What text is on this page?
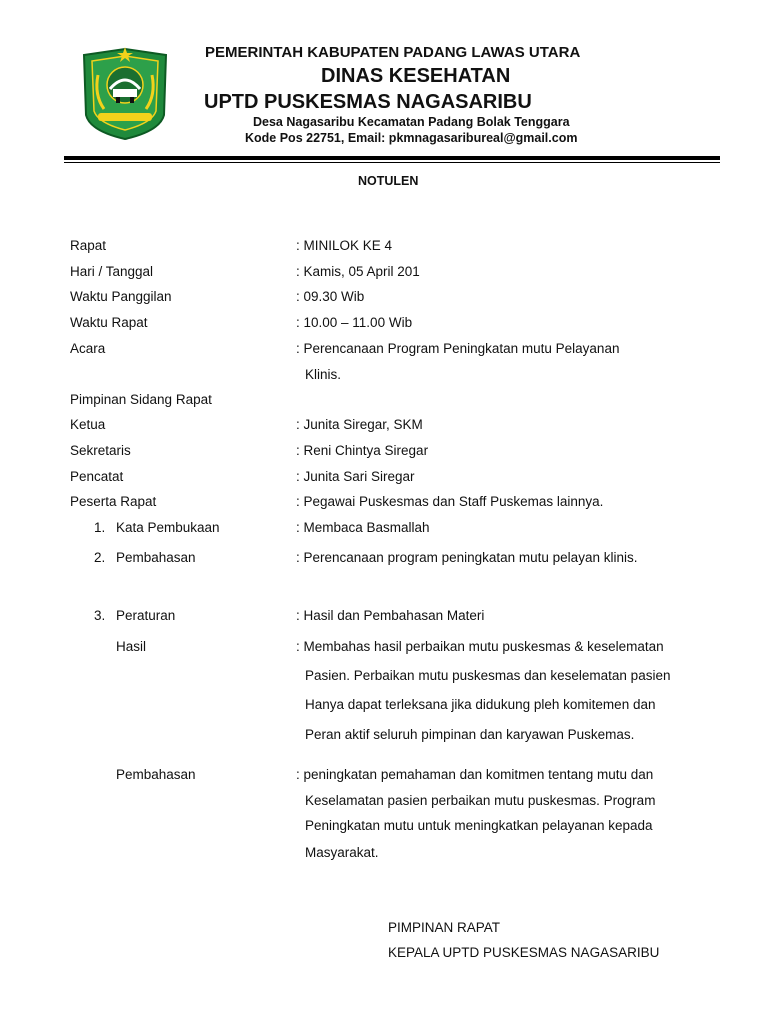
PEMERINTAH KABUPATEN PADANG LAWAS UTARA
DINAS KESEHATAN
UPTD PUSKESMAS NAGASARIBU
Desa Nagasaribu Kecamatan Padang Bolak Tenggara
Kode Pos 22751, Email: pkmnagasaribureal@gmail.com
NOTULEN
Rapat	: MINILOK KE 4
Hari / Tanggal	: Kamis, 05 April 201
Waktu Panggilan	: 09.30 Wib
Waktu Rapat	: 10.00 – 11.00 Wib
Acara	: Perencanaan Program Peningkatan mutu Pelayanan
Klinis.
Pimpinan Sidang Rapat
Ketua	: Junita Siregar, SKM
Sekretaris	: Reni Chintya Siregar
Pencatat	: Junita Sari Siregar
Peserta Rapat	: Pegawai Puskesmas dan Staff Puskemas lainnya.
1. Kata Pembukaan	: Membaca Basmallah
2. Pembahasan	: Perencanaan program peningkatan mutu pelayan klinis.
3. Peraturan	: Hasil dan Pembahasan Materi
Hasil	: Membahas hasil perbaikan mutu puskesmas & keselematan
Pasien. Perbaikan mutu puskesmas dan keselematan pasien
Hanya dapat terleksana jika didukung pleh komitemen dan
Peran aktif seluruh pimpinan dan karyawan Puskemas.
Pembahasan	: peningkatan pemahaman dan komitmen tentang mutu dan
Keselamatan pasien perbaikan mutu puskesmas. Program
Peningkatan mutu untuk meningkatkan pelayanan kepada
Masyarakat.
PIMPINAN RAPAT
KEPALA UPTD PUSKESMAS NAGASARIBU
